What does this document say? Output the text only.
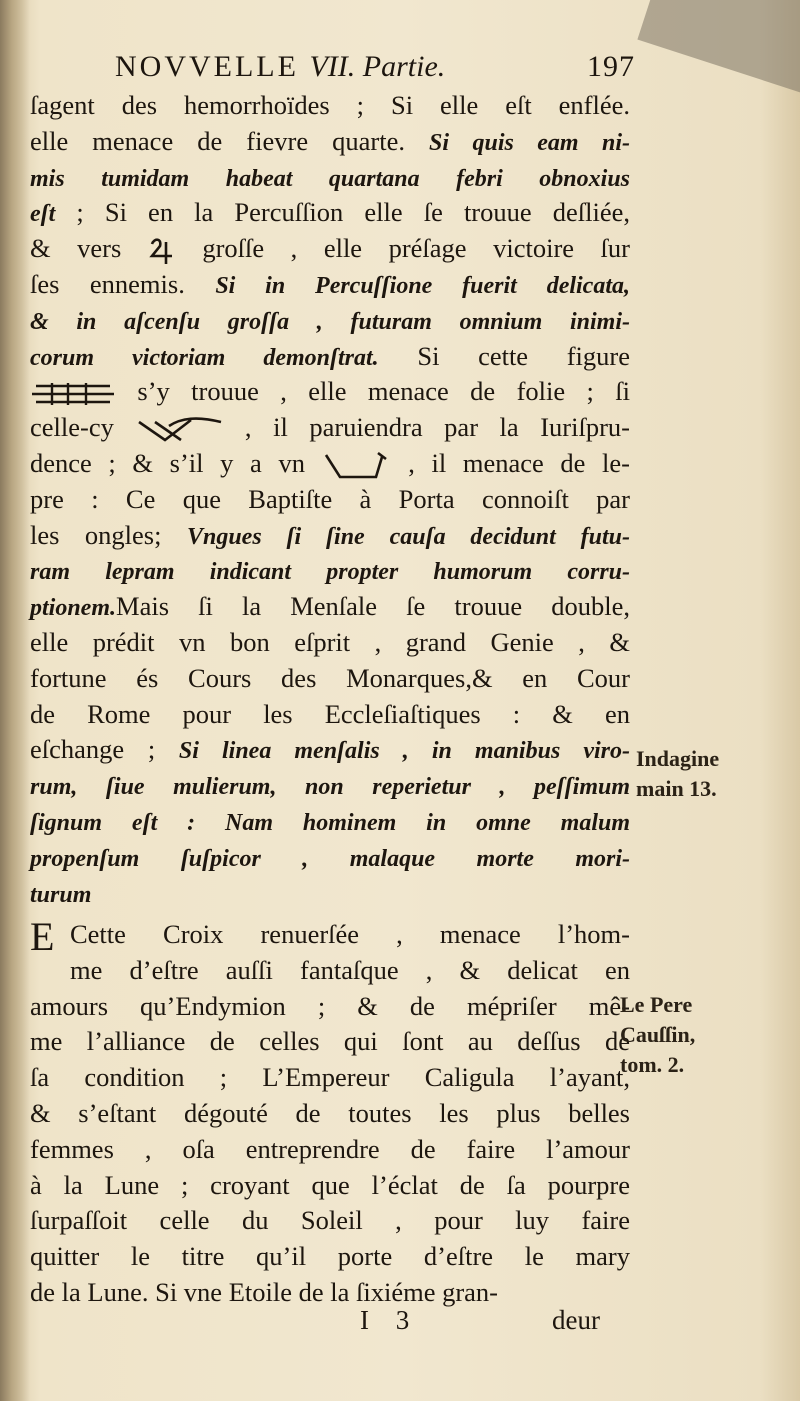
NOVVELLE VII. Partie.	197
ſagent des hemorrhoïdes ; Si elle eſt enflée.
elle menace de fievre quarte. Si quis eam ni-
mis tumidam habeat quartana febri obnoxius
eſt ; Si en la Percuſſion elle ſe trouue deſliée,
& vers  groſſe , elle préſage victoire ſur
ſes ennemis. Si in Percuſſione fuerit delicata,
& in aſcenſu groſſa , futuram omnium inimi-
corum victoriam demonſtrat. Si cette figure
s’y trouue , elle menace de folie ; ſi
celle-cy	, il paruiendra par la Iuriſpru-
dence ; & s’il y a vn	, il menace de le-
pre : Ce que Baptiſte à Porta connoiſt par
les ongles; Vngues ſi ſine cauſa decidunt futu-
ram lepram indicant propter humorum corru-
ptionem.Mais ſi la Menſale ſe trouue double,
elle prédit vn bon eſprit , grand Genie , &
fortune és Cours des Monarques,& en Cour
de Rome pour les Eccleſiaſtiques : & en
eſchange ; Si linea menſalis , in manibus viro-
rum, ſiue mulierum, non reperietur , peſſimum
ſignum eſt : Nam hominem in omne malum
propenſum ſuſpicor , malaque morte mori-
turum
E Cette Croix renuerſée , menace l’hom-
me d’eſtre auſſi fantaſque , & delicat en
amours qu’Endymion ; & de mépriſer mê-
me l’alliance de celles qui ſont au deſſus de
ſa condition ; L’Empereur Caligula l’ayant,
& s’eſtant dégouté de toutes les plus belles
femmes , oſa entreprendre de faire l’amour
à la Lune ; croyant que l’éclat de ſa pourpre
ſurpaſſoit celle du Soleil , pour luy faire
quitter le titre qu’il porte d’eſtre le mary
de la Lune. Si vne Etoile de la ſixiéme gran-
Indagine
main 13.
Le Pere
Cauſſin,
tom. 2.
I 3	deur
